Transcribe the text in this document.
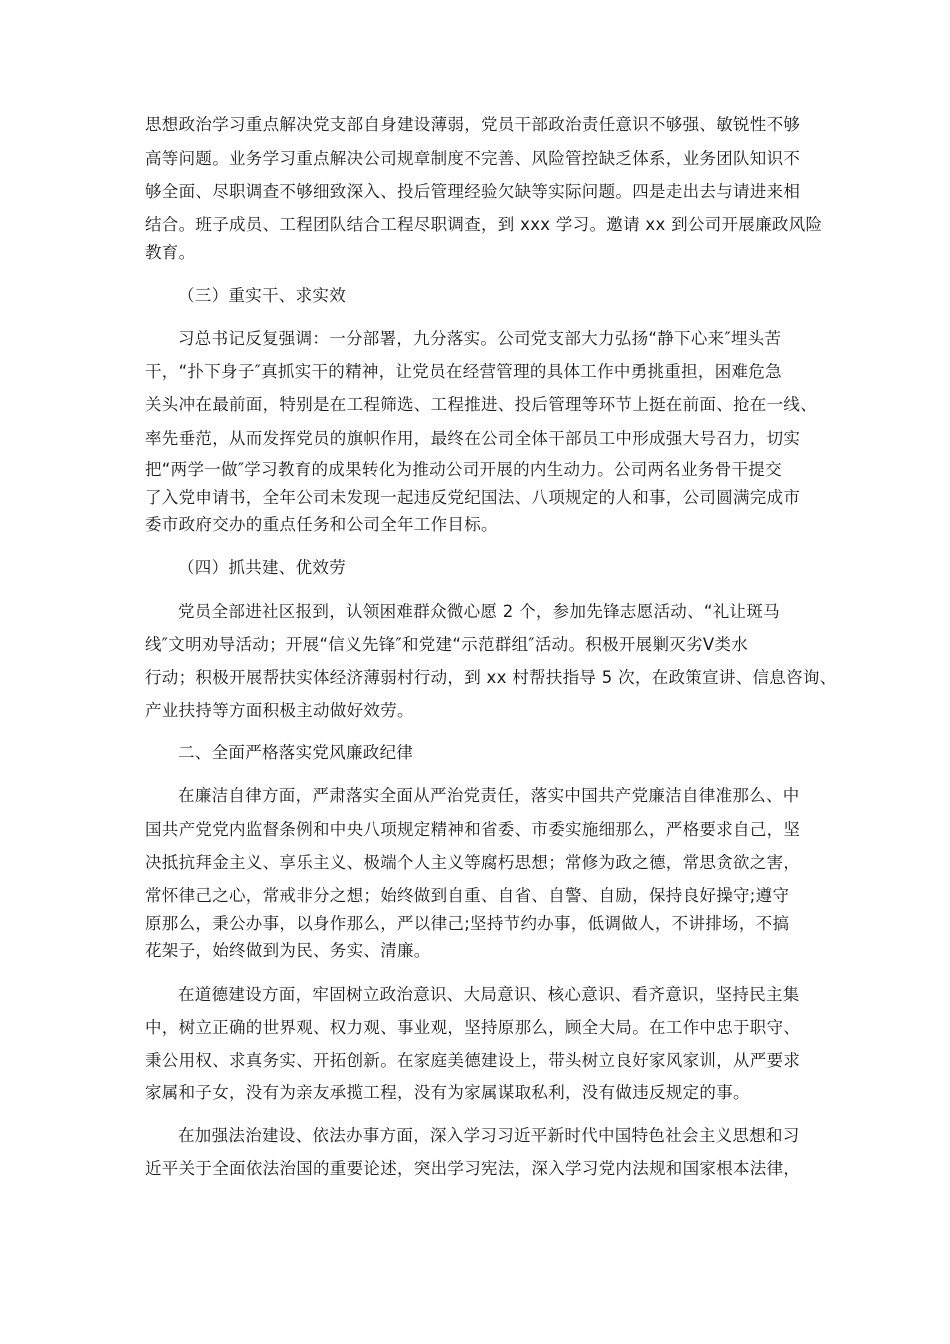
思想政治学习重点解决党支部自身建设薄弱，党员干部政治责任意识不够强、敏锐性不够
高等问题。业务学习重点解决公司规章制度不完善、风险管控缺乏体系，业务团队知识不
够全面、尽职调查不够细致深入、投后管理经验欠缺等实际问题。四是走出去与请进来相
结合。班子成员、工程团队结合工程尽职调查，到 xxx 学习。邀请 xx 到公司开展廉政风险
教育。
（三）重实干、求实效
习总书记反复强调：一分部署，九分落实。公司党支部大力弘扬“静下心来″埋头苦
干，“扑下身子″真抓实干的精神，让党员在经营管理的具体工作中勇挑重担，困难危急
关头冲在最前面，特别是在工程筛选、工程推进、投后管理等环节上挺在前面、抢在一线、
率先垂范，从而发挥党员的旗帜作用，最终在公司全体干部员工中形成强大号召力，切实
把“两学一做″学习教育的成果转化为推动公司开展的内生动力。公司两名业务骨干提交
了入党申请书，全年公司未发现一起违反党纪国法、八项规定的人和事，公司圆满完成市
委市政府交办的重点任务和公司全年工作目标。
（四）抓共建、优效劳
党员全部进社区报到，认领困难群众微心愿 2 个，参加先锋志愿活动、“礼让斑马
线″文明劝导活动；开展“信义先锋″和党建“示范群组″活动。积极开展剿灭劣Ⅴ类水
行动；积极开展帮扶实体经济薄弱村行动，到 xx 村帮扶指导 5 次，在政策宣讲、信息咨询、
产业扶持等方面积极主动做好效劳。
二、全面严格落实党风廉政纪律
在廉洁自律方面，严肃落实全面从严治党责任，落实中国共产党廉洁自律准那么、中
国共产党党内监督条例和中央八项规定精神和省委、市委实施细那么，严格要求自己，坚
决抵抗拜金主义、享乐主义、极端个人主义等腐朽思想；常修为政之德，常思贪欲之害，
常怀律己之心，常戒非分之想；始终做到自重、自省、自警、自励，保持良好操守;遵守
原那么，秉公办事，以身作那么，严以律己;坚持节约办事，低调做人，不讲排场，不搞
花架子，始终做到为民、务实、清廉。
在道德建设方面，牢固树立政治意识、大局意识、核心意识、看齐意识，坚持民主集
中，树立正确的世界观、权力观、事业观，坚持原那么，顾全大局。在工作中忠于职守、
秉公用权、求真务实、开拓创新。在家庭美德建设上，带头树立良好家风家训，从严要求
家属和子女，没有为亲友承揽工程，没有为家属谋取私利，没有做违反规定的事。
在加强法治建设、依法办事方面，深入学习习近平新时代中国特色社会主义思想和习
近平关于全面依法治国的重要论述，突出学习宪法，深入学习党内法规和国家根本法律，
